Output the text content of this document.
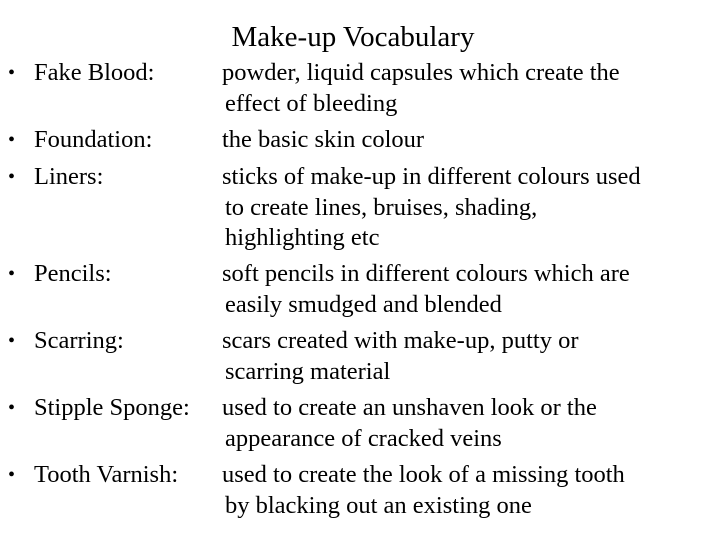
Make-up Vocabulary
• Fake Blood:	powder, liquid capsules which create the
effect of bleeding
• Foundation:	the basic skin colour
• Liners:	sticks of make-up in different colours used
to create lines, bruises, shading,
highlighting etc
• Pencils:	soft pencils in different colours which are
easily smudged and blended
• Scarring:	scars created with make-up, putty or
scarring material
• Stipple Sponge: used to create an unshaven look or the
appearance of cracked veins
• Tooth Varnish: used to create the look of a missing tooth
by blacking out an existing one
